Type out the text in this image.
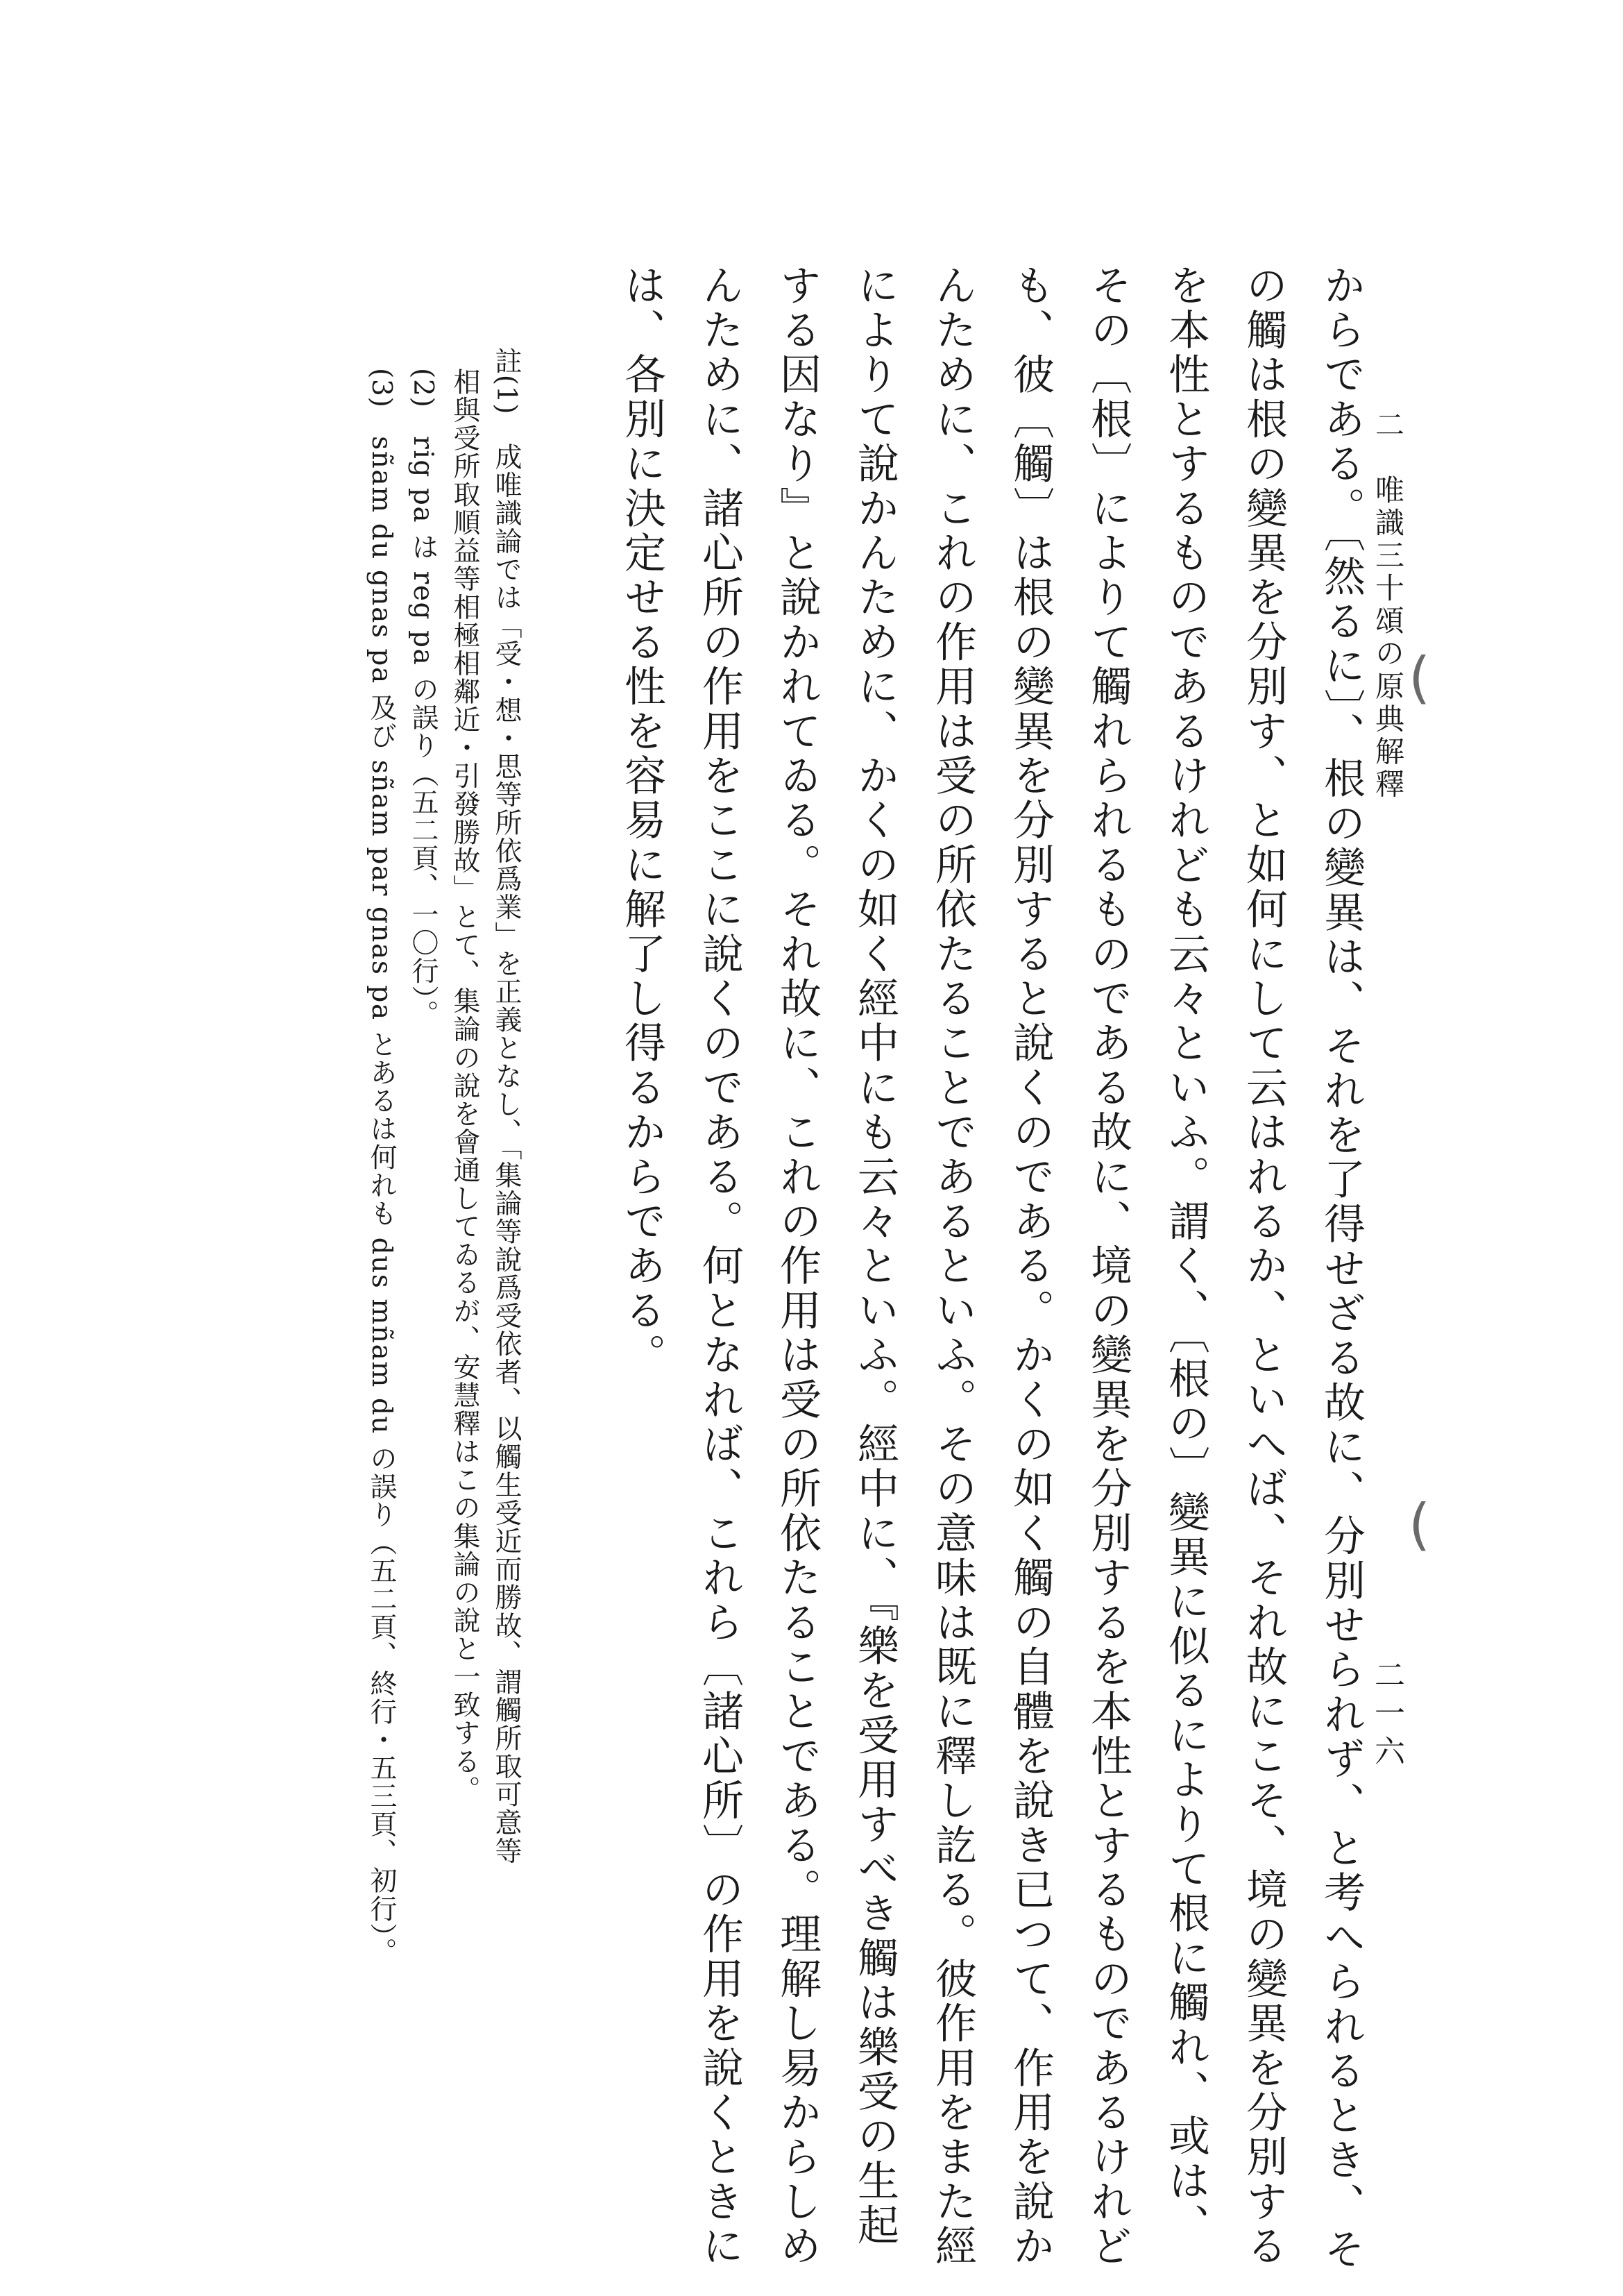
二　唯識三十頌の原典解釋
二一六
からである。〔然るに〕、根の變異は、それを了得せざる故に、分別せられず、と考へられるとき、そ
の觸は根の變異を分別す、と如何にして云はれるか、といへば、それ故にこそ、境の變異を分別する
を本性とするものであるけれども云々といふ。謂く、〔根の〕變異に似るによりて根に觸れ、或は、
その〔根〕によりて觸れられるものである故に、境の變異を分別するを本性とするものであるけれど
も、彼〔觸〕は根の變異を分別すると說くのである。かくの如く觸の自體を說き已つて、作用を說か
んために、これの作用は受の所依たることであるといふ。その意味は既に釋し訖る。彼作用をまた經
によりて說かんために、かくの如く經中にも云々といふ。經中に、『樂を受用すべき觸は樂受の生起
する因なり』と說かれてゐる。それ故に、これの作用は受の所依たることである。理解し易からしめ
んために、諸心所の作用をここに說くのである。何となれば、これら〔諸心所〕の作用を說くときに
は、各別に決定せる性を容易に解了し得るからである。
註(1)　成唯識論では「受・想・思等所依爲業」を正義となし、「集論等說爲受依者、以觸生受近而勝故、謂觸所取可意等
相與受所取順益等相極相鄰近・引發勝故」とて、集論の說を會通してゐるが、安慧釋はこの集論の說と一致する。
(2)　rig pa は reg pa の誤り（五二頁、一〇行）。
(3)　sñam du gnas pa 及び sñam par gnas pa とあるは何れも dus mñam du の誤り（五二頁、終行・五三頁、初行）。	(
(
